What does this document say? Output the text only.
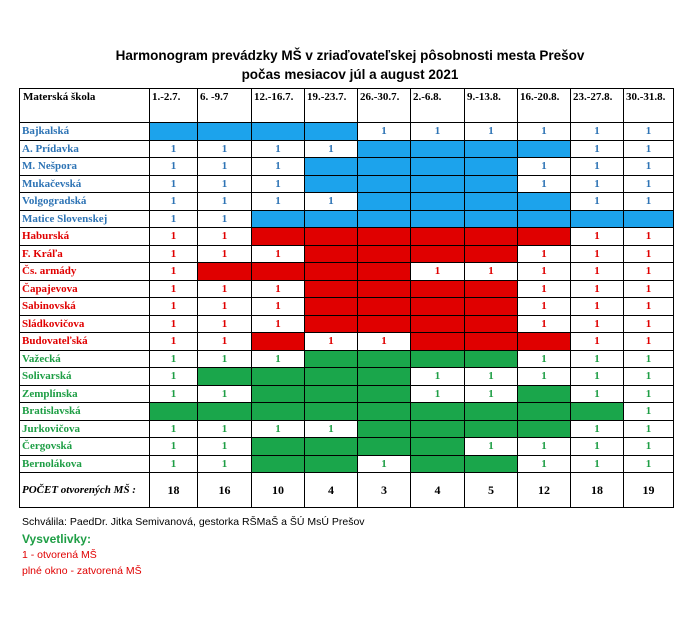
Harmonogram prevádzky MŠ v zriaďovateľskej pôsobnosti mesta Prešov
počas mesiacov júl a august 2021
Materská škola	1.-2.7.	6. -9.7	12.-16.7.	19.-23.7.	26.-30.7.	2.-6.8.	9.-13.8.	16.-20.8.	23.-27.8.	30.-31.8.
Bajkalská					1	1	1	1	1	1
A. Prídavka	1	1	1	1					1	1
M. Nešpora	1	1	1					1	1	1
Mukačevská	1	1	1					1	1	1
Volgogradská	1	1	1	1					1	1
Matice Slovenskej	1	1								
Haburská	1	1							1	1
F. Kráľa	1	1	1					1	1	1
Čs. armády	1					1	1	1	1	1
Čapajevova	1	1	1					1	1	1
Sabinovská	1	1	1					1	1	1
Sládkovičova	1	1	1					1	1	1
Budovateľská	1	1		1	1				1	1
Važecká	1	1	1					1	1	1
Solivarská	1					1	1	1	1	1
Zemplínska	1	1				1	1		1	1
Bratislavská										1
Jurkovičova	1	1	1	1					1	1
Čergovská	1	1					1	1	1	1
Bernolákova	1	1			1			1	1	1
POČET otvorených MŠ :	18	16	10	4	3	4	5	12	18	19
Schválila: PaedDr. Jitka Semivanová, gestorka RŠMaŠ a ŠÚ MsÚ Prešov
Vysvetlivky:
1 - otvorená MŠ
plné okno - zatvorená MŠ
